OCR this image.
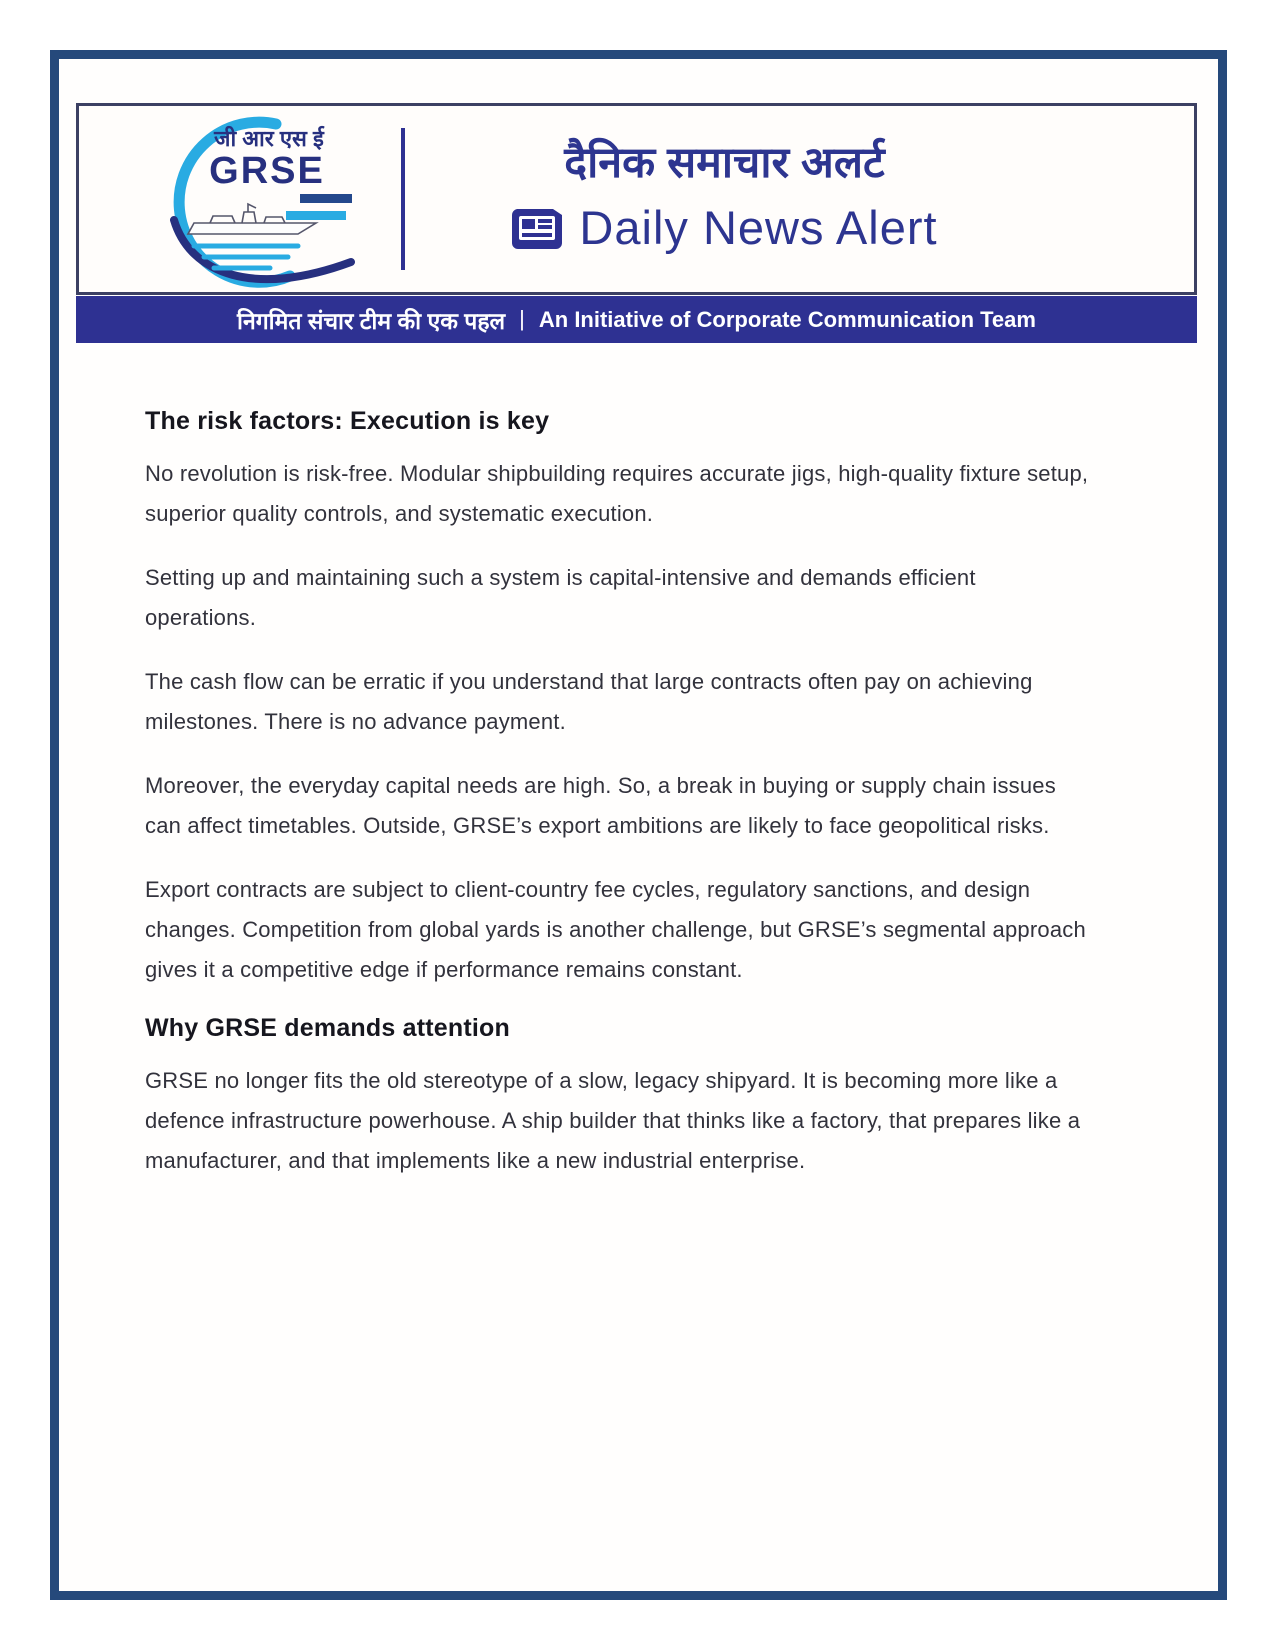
जी आर एस ई
GRSE	दैनिक समाचार अलर्ट
Daily News Alert
निगमित संचार टीम की एक पहल | An Initiative of Corporate Communication Team
The risk factors: Execution is key

No revolution is risk-free. Modular shipbuilding requires accurate jigs, high-quality fixture setup, superior quality controls, and systematic execution.

Setting up and maintaining such a system is capital-intensive and demands efficient operations.

The cash flow can be erratic if you understand that large contracts often pay on achieving milestones. There is no advance payment.

Moreover, the everyday capital needs are high. So, a break in buying or supply chain issues can affect timetables. Outside, GRSE’s export ambitions are likely to face geopolitical risks.

Export contracts are subject to client-country fee cycles, regulatory sanctions, and design changes. Competition from global yards is another challenge, but GRSE’s segmental approach gives it a competitive edge if performance remains constant.

Why GRSE demands attention

GRSE no longer fits the old stereotype of a slow, legacy shipyard. It is becoming more like a defence infrastructure powerhouse. A ship builder that thinks like a factory, that prepares like a manufacturer, and that implements like a new industrial enterprise.
